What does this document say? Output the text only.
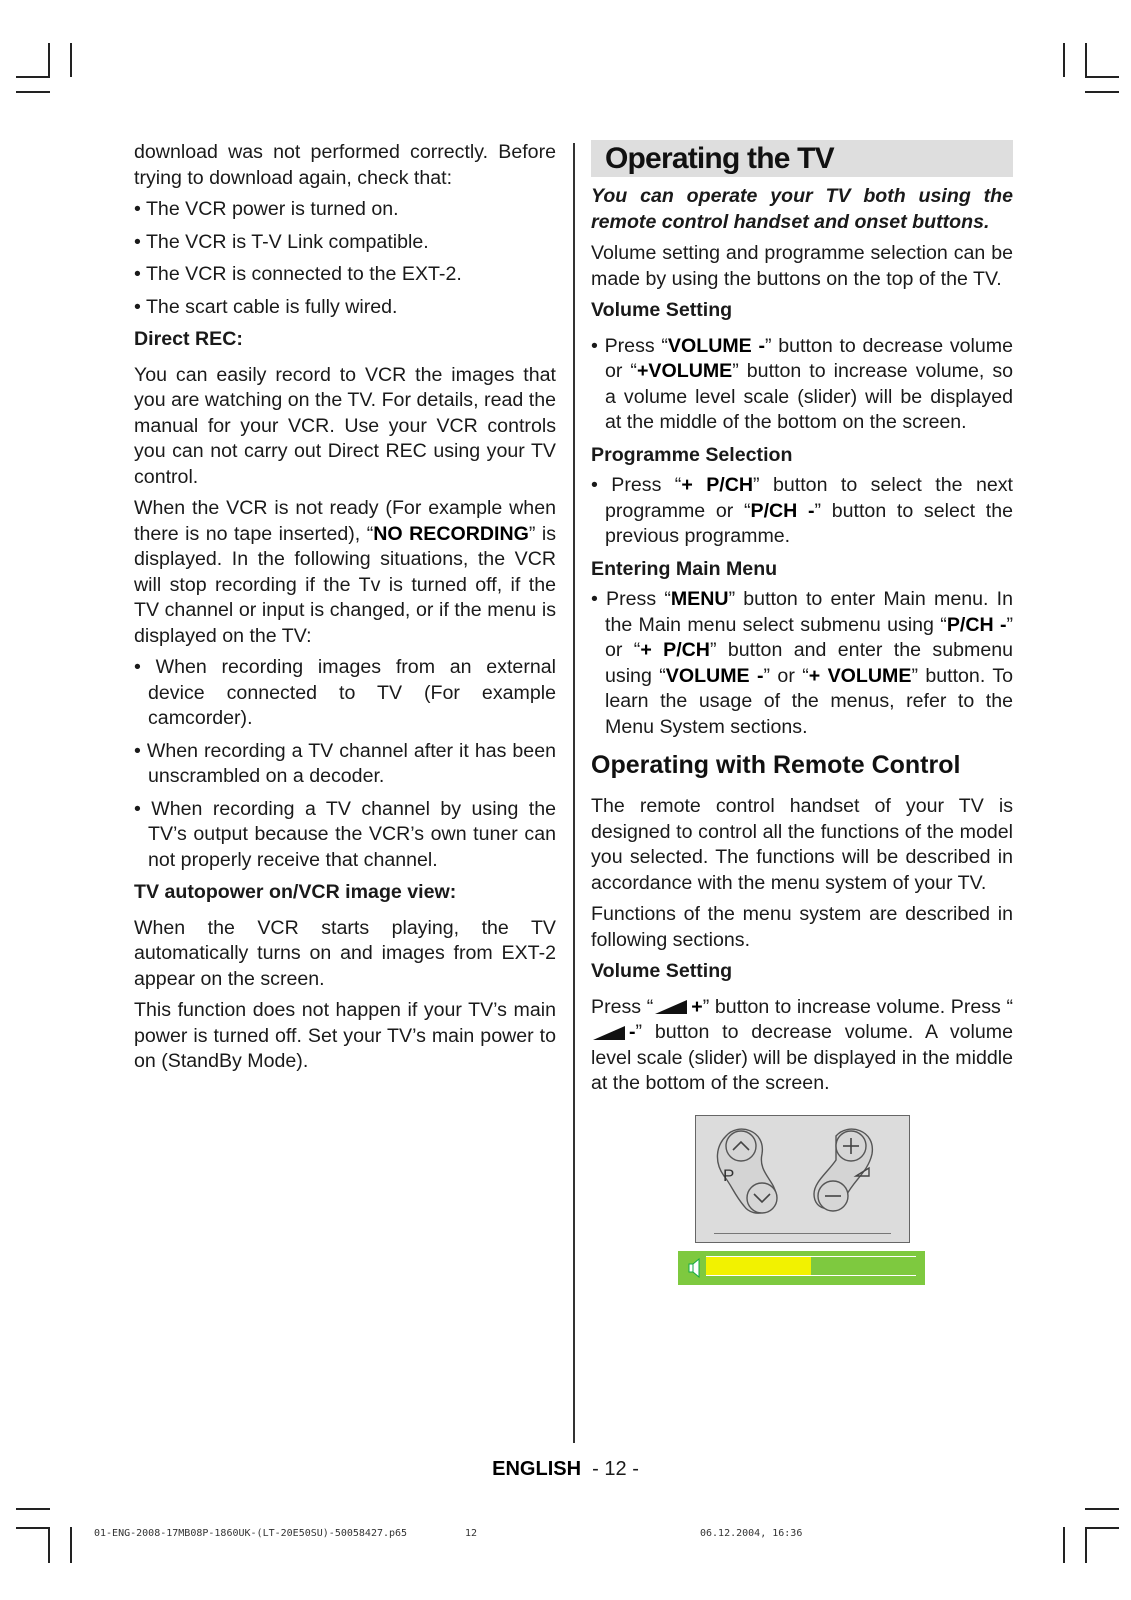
download was not performed correctly. Before trying to download again, check that:

• The VCR power is turned on.
• The VCR is T-V Link compatible.
• The VCR is connected to the EXT-2.
• The scart cable is fully wired.
Direct REC:

You can easily record to VCR the images that you are watching on the TV. For details, read the manual for your VCR. Use your VCR controls you can not carry out Direct REC using your TV control.

When the VCR is not ready (For example when there is no tape inserted), “NO RECORDING” is displayed. In the following situations, the VCR will stop recording if the Tv is turned off, if the TV channel or input is changed, or if the menu is displayed on the TV:

• When recording images from an external device connected to TV (For example camcorder).
• When recording a TV channel after it has been unscrambled on a decoder.
• When recording a TV channel by using the TV’s output because the VCR’s own tuner can not properly receive that channel.
TV autopower on/VCR image view:

When the VCR starts playing, the TV automatically turns on and images from EXT-2 appear on the screen.

This function does not happen if your TV’s main power is turned off. Set your TV’s main power to on (StandBy Mode).

Operating the TV

You can operate your TV both using the remote control handset and onset buttons.

Volume setting and programme selection can be made by using the buttons on the top of the TV.

Volume Setting
• Press “VOLUME -” button to decrease volume or “+VOLUME” button to increase volume, so a volume level scale (slider) will be displayed at the middle of the bottom on the screen.
Programme Selection
• Press “+ P/CH” button to select the next programme or “P/CH -” button to select the previous programme.
Entering Main Menu
• Press “MENU” button to enter Main menu. In the Main menu select submenu using “P/CH -” or “+ P/CH” button and enter the submenu using “VOLUME -” or “+ VOLUME” button. To learn the usage of the menus, refer to the Menu System sections.
Operating with Remote Control

The remote control handset of your TV is designed to control all the functions of the model you selected. The functions will be described in accordance with the menu system of your TV.

Functions of the menu system are described in following sections.

Volume Setting

Press “ +” button to increase volume. Press “-” button to decrease volume. A volume level scale (slider) will be displayed in the middle at the bottom of the screen.

P
ENGLISH - 12 -
01-ENG-2008-17MB08P-1860UK-(LT-20E50SU)-50058427.p65	12	06.12.2004, 16:36
